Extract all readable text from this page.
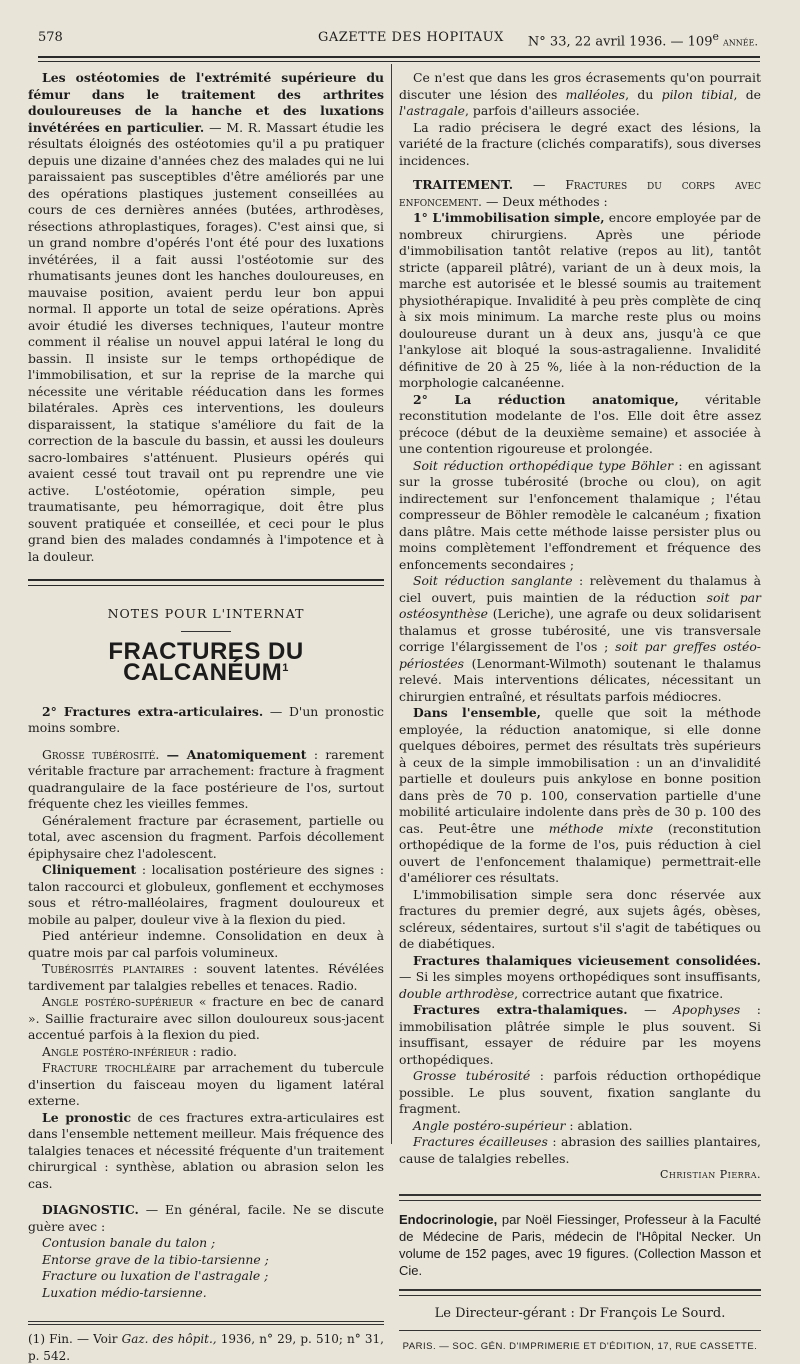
578	GAZETTE DES HOPITAUX N° 33, 22 avril 1936. — 109e année.

Les ostéotomies de l'extrémité supérieure du fémur dans le traitement des arthrites douloureuses de la hanche et des luxations invétérées en particulier. — M. R. Massart étudie les résultats éloignés des ostéotomies qu'il a pu pratiquer depuis une dizaine d'années chez des malades qui ne lui paraissaient pas susceptibles d'être améliorés par une des opérations plastiques justement conseillées au cours de ces dernières années (butées, arthrodèses, résections athroplastiques, forages). C'est ainsi que, si un grand nombre d'opérés l'ont été pour des luxations invétérées, il a fait aussi l'ostéotomie sur des rhumatisants jeunes dont les hanches douloureuses, en mauvaise position, avaient perdu leur bon appui normal. Il apporte un total de seize opérations. Après avoir étudié les diverses techniques, l'auteur montre comment il réalise un nouvel appui latéral le long du bassin. Il insiste sur le temps orthopédique de l'immobilisation, et sur la reprise de la marche qui nécessite une véritable rééducation dans les formes bilatérales. Après ces interventions, les douleurs disparaissent, la statique s'améliore du fait de la correction de la bascule du bassin, et aussi les douleurs sacro-lombaires s'atténuent. Plusieurs opérés qui avaient cessé tout travail ont pu reprendre une vie active. L'ostéotomie, opération simple, peu traumatisante, peu hémorragique, doit être plus souvent pratiquée et conseillée, et ceci pour le plus grand bien des malades condamnés à l'impotence et à la douleur.

NOTES POUR L'INTERNAT
FRACTURES DU CALCANÉUM$^1$

2° Fractures extra-articulaires. — D'un pronostic moins sombre.

Grosse tubérosité. — Anatomiquement : rarement véritable fracture par arrachement: fracture à fragment quadrangulaire de la face postérieure de l'os, surtout fréquente chez les vieilles femmes.

Généralement fracture par écrasement, partielle ou total, avec ascension du fragment. Parfois décollement épiphysaire chez l'adolescent.

Cliniquement : localisation postérieure des signes : talon raccourci et globuleux, gonflement et ecchymoses sous et rétro-malléolaires, fragment douloureux et mobile au palper, douleur vive à la flexion du pied.

Pied antérieur indemne. Consolidation en deux à quatre mois par cal parfois volumineux.

Tubérosités plantaires : souvent latentes. Révélées tardivement par talalgies rebelles et tenaces. Radio.

Angle postéro-supérieur « fracture en bec de canard ». Saillie fracturaire avec sillon douloureux sous-jacent accentué parfois à la flexion du pied.

Angle postéro-inférieur : radio.

Fracture trochléaire par arrachement du tubercule d'insertion du faisceau moyen du ligament latéral externe.

Le pronostic de ces fractures extra-articulaires est dans l'ensemble nettement meilleur. Mais fréquence des talalgies tenaces et nécessité fréquente d'un traitement chirurgical : synthèse, ablation ou abrasion selon les cas.

DIAGNOSTIC. — En général, facile. Ne se discute guère avec :

Contusion banale du talon ;

Entorse grave de la tibio-tarsienne ;

Fracture ou luxation de l'astragale ;

Luxation médio-tarsienne.

(1) Fin. — Voir Gaz. des hôpit., 1936, n° 29, p. 510; n° 31, p. 542.

Ce n'est que dans les gros écrasements qu'on pourrait discuter une lésion des malléoles, du pilon tibial, de l'astragale, parfois d'ailleurs associée.

La radio précisera le degré exact des lésions, la variété de la fracture (clichés comparatifs), sous diverses incidences.

TRAITEMENT. — Fractures du corps avec enfoncement. — Deux méthodes :

1° L'immobilisation simple, encore employée par de nombreux chirurgiens. Après une période d'immobilisation tantôt relative (repos au lit), tantôt stricte (appareil plâtré), variant de un à deux mois, la marche est autorisée et le blessé soumis au traitement physiothérapique. Invalidité à peu près complète de cinq à six mois minimum. La marche reste plus ou moins douloureuse durant un à deux ans, jusqu'à ce que l'ankylose ait bloqué la sous-astragalienne. Invalidité définitive de 20 à 25 %, liée à la non-réduction de la morphologie calcanéenne.

2° La réduction anatomique, véritable reconstitution modelante de l'os. Elle doit être assez précoce (début de la deuxième semaine) et associée à une contention rigoureuse et prolongée.

Soit réduction orthopédique type Böhler : en agissant sur la grosse tubérosité (broche ou clou), on agit indirectement sur l'enfoncement thalamique ; l'étau compresseur de Böhler remodèle le calcanéum ; fixation dans plâtre. Mais cette méthode laisse persister plus ou moins complètement l'effondrement et fréquence des enfoncements secondaires ;

Soit réduction sanglante : relèvement du thalamus à ciel ouvert, puis maintien de la réduction soit par ostéosynthèse (Leriche), une agrafe ou deux solidarisent thalamus et grosse tubérosité, une vis transversale corrige l'élargissement de l'os ; soit par greffes ostéo-périostées (Lenormant-Wilmoth) soutenant le thalamus relevé. Mais interventions délicates, nécessitant un chirurgien entraîné, et résultats parfois médiocres.

Dans l'ensemble, quelle que soit la méthode employée, la réduction anatomique, si elle donne quelques déboires, permet des résultats très supérieurs à ceux de la simple immobilisation : un an d'invalidité partielle et douleurs puis ankylose en bonne position dans près de 70 p. 100, conservation partielle d'une mobilité articulaire indolente dans près de 30 p. 100 des cas. Peut-être une méthode mixte (reconstitution orthopédique de la forme de l'os, puis réduction à ciel ouvert de l'enfoncement thalamique) permettrait-elle d'améliorer ces résultats.

L'immobilisation simple sera donc réservée aux fractures du premier degré, aux sujets âgés, obèses, scléreux, sédentaires, surtout s'il s'agit de tabétiques ou de diabétiques.

Fractures thalamiques vicieusement consolidées. — Si les simples moyens orthopédiques sont insuffisants, double arthrodèse, correctrice autant que fixatrice.

Fractures extra-thalamiques. — Apophyses : immobilisation plâtrée simple le plus souvent. Si insuffisant, essayer de réduire par les moyens orthopédiques.

Grosse tubérosité : parfois réduction orthopédique possible. Le plus souvent, fixation sanglante du fragment.

Angle postéro-supérieur : ablation.

Fractures écailleuses : abrasion des saillies plantaires, cause de talalgies rebelles.

Christian Pierra.

Endocrinologie, par Noël Fiessinger, Professeur à la Faculté de Médecine de Paris, médecin de l'Hôpital Necker. Un volume de 152 pages, avec 19 figures. (Collection Masson et Cie.

Le Directeur-gérant : Dr François Le Sourd.
PARIS. — SOC. GÉN. D'IMPRIMERIE ET D'ÉDITION, 17, RUE CASSETTE.
